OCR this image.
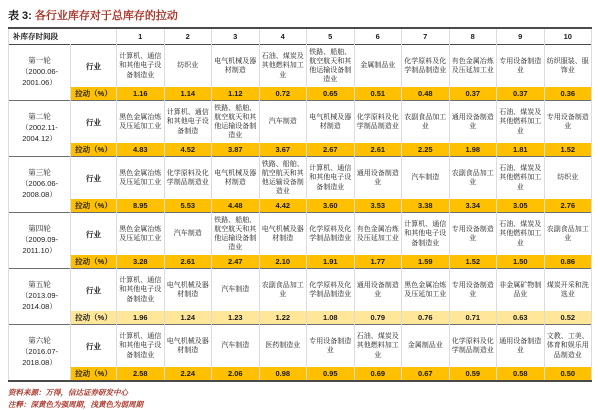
表 3: 各行业库存对于总库存的拉动
补库存时间段		1	2	3	4	5	6	7	8	9	10

第一轮
（2000.06-2001.06）	行业	计算机、通信和其他电子设备制造业	纺织业	电气机械及器材制造	石油、煤炭及其他燃料加工业	铁路、船舶、航空航天和其他运输设备制造业	金属制品业	化学原料及化学制品制造业	有色金属冶炼及压延加工业	专用设备制造业	纺织服装、服饰业
	拉动（%）	1.16	1.14	1.12	0.72	0.65	0.51	0.48	0.37	0.37	0.36

第二轮
（2002.11-2004.12）	行业	黑色金属冶炼及压延加工业	计算机、通信和其他电子设备制造	铁路、船舶、航空航天和其他运输设备制造业	汽车制造	电气机械及器材制造	化学原料及化学制品制造业	农副食品加工业	通用设备制造业	石油、煤炭及其他燃料加工业	专用设备制造业
	拉动（%）	4.83	4.52	3.87	3.67	2.67	2.61	2.25	1.98	1.81	1.52

第三轮
（2006.06-2008.08）	行业	黑色金属冶炼及压延加工业	化学原料及化学制品制造业	电气机械及器材制造	铁路、船舶、航空航天和其他运输设备制造业	计算机、通信和其他电子设备制造业	通用设备制造业	汽车制造	农副食品加工业	石油、煤炭及其他燃料加工业	纺织业
	拉动（%）	8.95	5.53	4.48	4.42	3.60	3.53	3.38	3.34	3.05	2.76

第四轮
（2009.09-2011.10）	行业	黑色金属冶炼及压延加工业	汽车制造	铁路、船舶、航空航天和其他运输设备制造业	电气机械及器材制造	化学原料及化学制品制造业	有色金属冶炼及压延加工业	计算机、通信和其他电子设备制造业	专用设备制造业	石油、煤炭及其他燃料加工业	农副食品加工业
	拉动（%）	3.28	2.61	2.47	2.10	1.91	1.77	1.59	1.52	1.50	0.86

第五轮
（2013.09-2014.08）	行业	计算机、通信和其他电子设备制造业	电气机械及器材制造	汽车制造	农副食品加工业	化学原料及化学制品制造业	通用设备制造业	黑色金属冶炼及压延加工业	专用设备制造业	非金属矿物制品业	煤炭开采和洗选业
	拉动（%）	1.96	1.24	1.23	1.22	1.08	0.79	0.76	0.71	0.63	0.52

第六轮
（2016.07-2018.08）	行业	计算机、通信和其他电子设备制造业	电气机械及器材制造	汽车制造	医药制造业	专用设备制造业	石油、煤炭及其他燃料加工业	金属制品业	化学原料及化学制品制造业	通用设备制造业	文教、工美、体育和娱乐用品制造业
	拉动（%）	2.58	2.24	2.06	0.98	0.95	0.69	0.67	0.59	0.58	0.50
资料来源：万得，信达证券研发中心
注释：深黄色为强周期，浅黄色为弱周期
